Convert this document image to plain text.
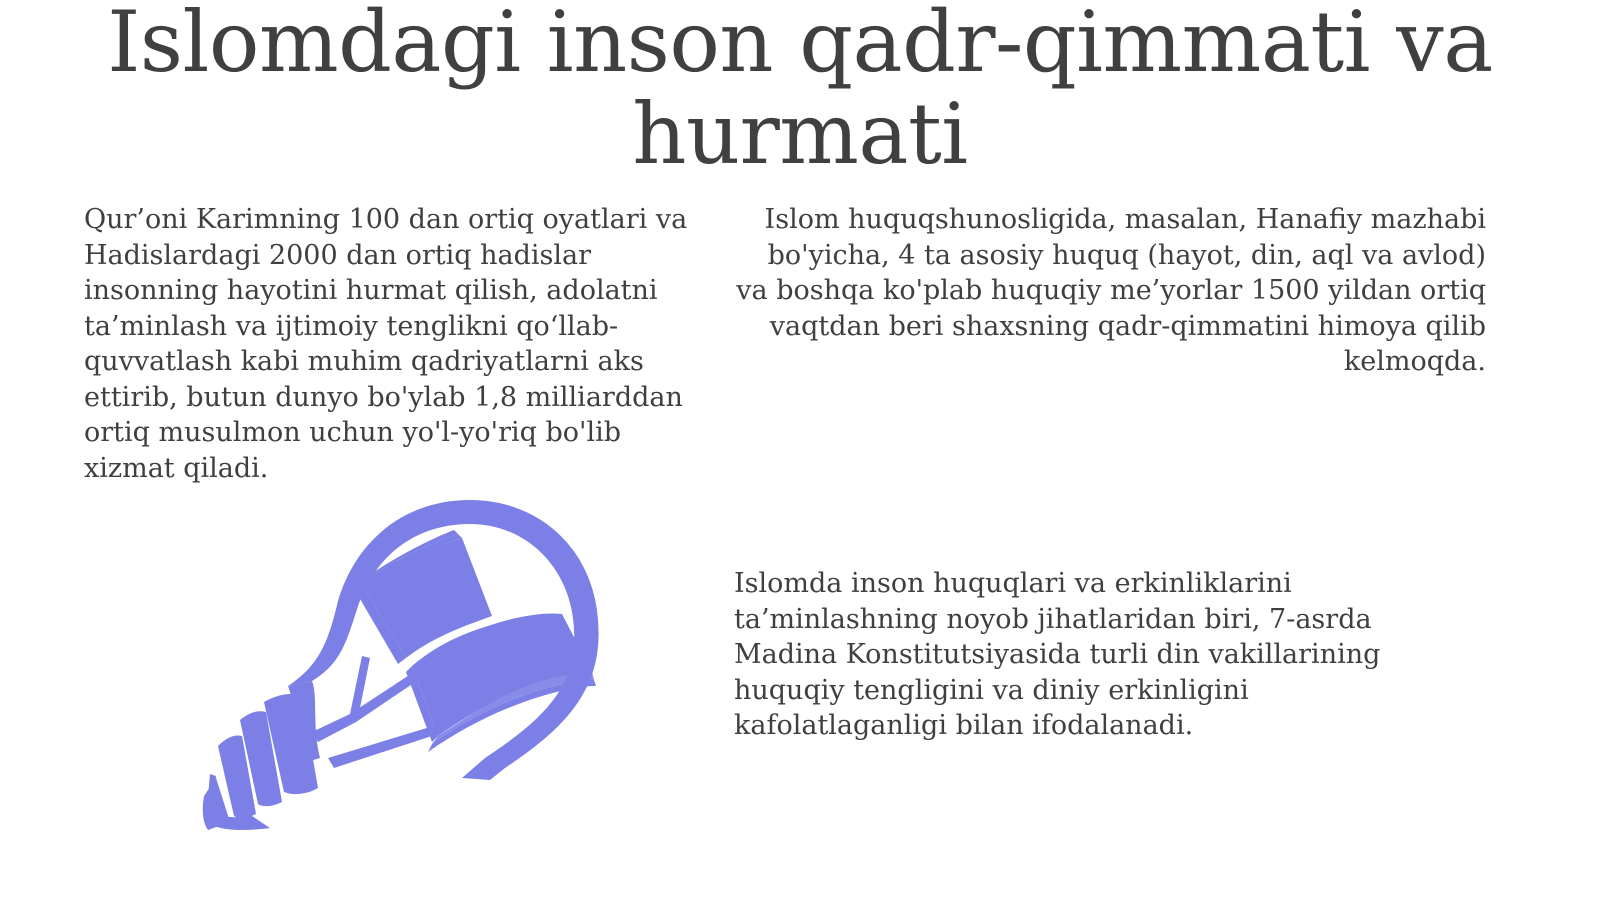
Islomdagi inson qadr-qimmati va hurmati

Qur’oni Karimning 100 dan ortiq oyatlari va Hadislardagi 2000 dan ortiq hadislar insonning hayotini hurmat qilish, adolatni ta’minlash va ijtimoiy tenglikni qo‘llab-quvvatlash kabi muhim qadriyatlarni aks ettirib, butun dunyo bo'ylab 1,8 milliarddan ortiq musulmon uchun yo'l-yo'riq bo'lib xizmat qiladi.

Islom huquqshunosligida, masalan, Hanafiy mazhabi bo'yicha, 4 ta asosiy huquq (hayot, din, aql va avlod) va boshqa ko'plab huquqiy me’yorlar 1500 yildan ortiq vaqtdan beri shaxsning qadr-qimmatini himoya qilib kelmoqda.

Islomda inson huquqlari va erkinliklarini ta’minlashning noyob jihatlaridan biri, 7-asrda Madina Konstitutsiyasida turli din vakillarining huquqiy tengligini va diniy erkinligini kafolatlaganligi bilan ifodalanadi.
